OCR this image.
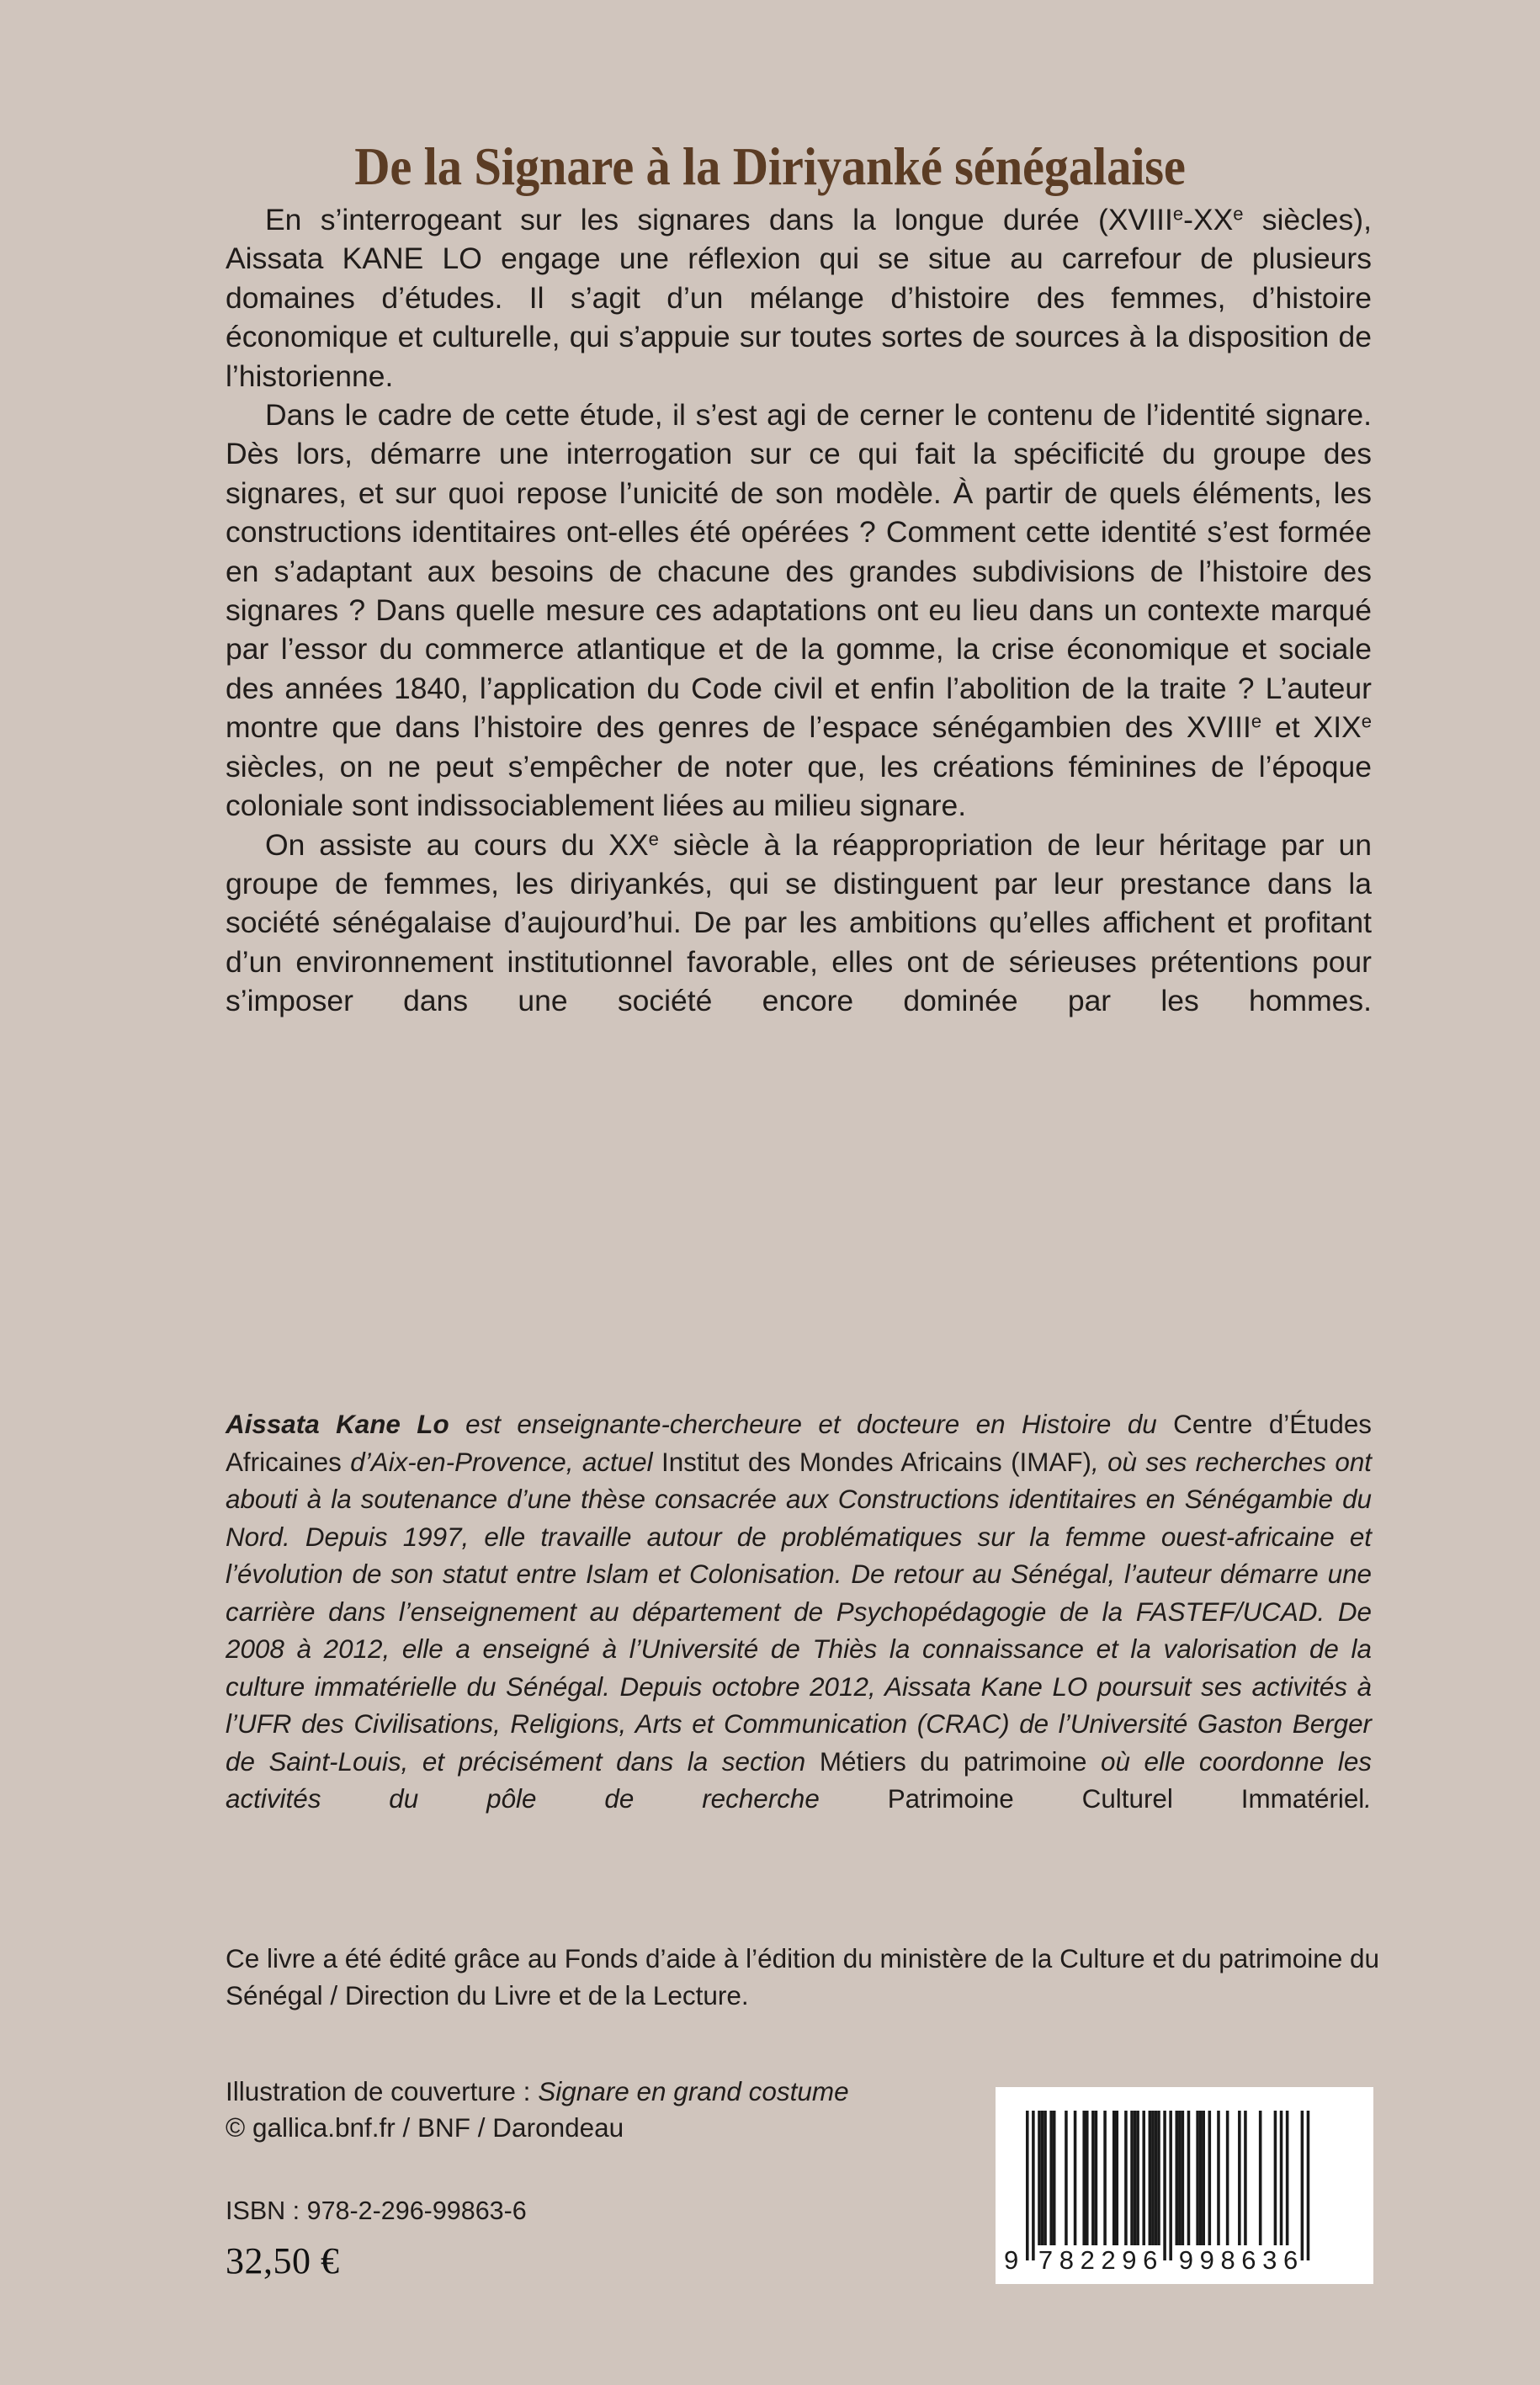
De la Signare à la Diriyanké sénégalaise

En s’interrogeant sur les signares dans la longue durée (XVIIIe-XXe siècles), Aissata KANE LO engage une réflexion qui se situe au carrefour de plusieurs domaines d’études. Il s’agit d’un mélange d’histoire des femmes, d’histoire économique et culturelle, qui s’appuie sur toutes sortes de sources à la disposition de l’historienne.

Dans le cadre de cette étude, il s’est agi de cerner le contenu de l’identité signare. Dès lors, démarre une interrogation sur ce qui fait la spécificité du groupe des signares, et sur quoi repose l’unicité de son modèle. À partir de quels éléments, les constructions identitaires ont-elles été opérées ? Comment cette identité s’est formée en s’adaptant aux besoins de chacune des grandes subdivisions de l’histoire des signares ? Dans quelle mesure ces adaptations ont eu lieu dans un contexte marqué par l’essor du commerce atlantique et de la gomme, la crise économique et sociale des années 1840, l’application du Code civil et enfin l’abolition de la traite ? L’auteur montre que dans l’histoire des genres de l’espace sénégambien des XVIIIe et XIXe siècles, on ne peut s’empêcher de noter que, les créations féminines de l’époque coloniale sont indissociablement liées au milieu signare.

On assiste au cours du XXe siècle à la réappropriation de leur héritage par un groupe de femmes, les diriyankés, qui se distinguent par leur prestance dans la société sénégalaise d’aujourd’hui. De par les ambitions qu’elles affichent et profitant d’un environnement institutionnel favorable, elles ont de sérieuses prétentions pour s’imposer dans une société encore dominée par les hommes.

Aissata Kane Lo est enseignante-chercheure et docteure en Histoire du Centre d’Études Africaines d’Aix-en-Provence, actuel Institut des Mondes Africains (IMAF), où ses recherches ont abouti à la soutenance d’une thèse consacrée aux Constructions identitaires en Sénégambie du Nord. Depuis 1997, elle travaille autour de problématiques sur la femme ouest-africaine et l’évolution de son statut entre Islam et Colonisation. De retour au Sénégal, l’auteur démarre une carrière dans l’enseignement au département de Psychopédagogie de la FASTEF/UCAD. De 2008 à 2012, elle a enseigné à l’Université de Thiès la connaissance et la valorisation de la culture immatérielle du Sénégal. Depuis octobre 2012, Aissata Kane LO poursuit ses activités à l’UFR des Civilisations, Religions, Arts et Communication (CRAC) de l’Université Gaston Berger de Saint-Louis, et précisément dans la section Métiers du patrimoine où elle coordonne les activités du pôle de recherche Patrimoine Culturel Immatériel.

Ce livre a été édité grâce au Fonds d’aide à l’édition du ministère de la Culture et du patrimoine du Sénégal / Direction du Livre et de la Lecture.
Illustration de couverture : Signare en grand costume
© gallica.bnf.fr / BNF / Darondeau
ISBN : 978-2-296-99863-6
32,50 €	9 7 8 2 2 9 6 9 9 8 6 3 6
